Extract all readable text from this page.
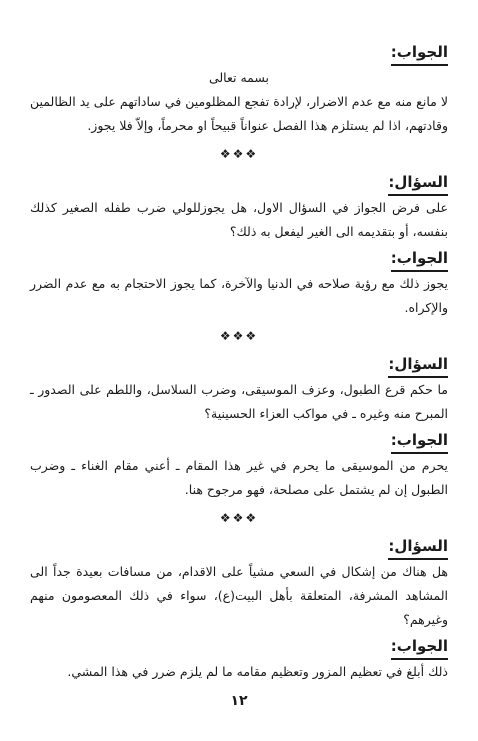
الجواب:

بسمه تعالى

لا مانع منه مع عدم الاضرار، لإرادة تفجع المظلومين في ساداتهم على يد الظالمين وقادتهم، اذا لم يستلزم هذا الفصل عنواناً قبيحاً او محرماً، وإلاّ فلا يجوز.

❖❖❖
السؤال:

على فرض الجواز في السؤال الاول، هل يجوزللولي ضرب طفله الصغير كذلك بنفسه، أو بتقديمه الى الغير ليفعل به ذلك؟

الجواب:

يجوز ذلك مع رؤية صلاحه في الدنيا والآخرة، كما يجوز الاحتجام به مع عدم الضرر والإكراه.

❖❖❖
السؤال:

ما حكم قرع الطبول، وعزف الموسيقى، وضرب السلاسل، واللطم على الصدور ـ المبرح منه وغيره ـ في مواكب العزاء الحسينية؟

الجواب:

يحرم من الموسيقى ما يحرم في غير هذا المقام ـ أعني مقام الغناء ـ وضرب الطبول إن لم يشتمل على مصلحة، فهو مرجوح هنا.

❖❖❖
السؤال:

هل هناك من إشكال في السعي مشياً على الاقدام، من مسافات بعيدة جداً الى المشاهد المشرفة، المتعلقة بأهل البيت(ع)، سواء في ذلك المعصومون منهم وغيرهم؟

الجواب:

ذلك أبلغ في تعظيم المزور وتعظيم مقامه ما لم يلزم ضرر في هذا المشي.

١٢
